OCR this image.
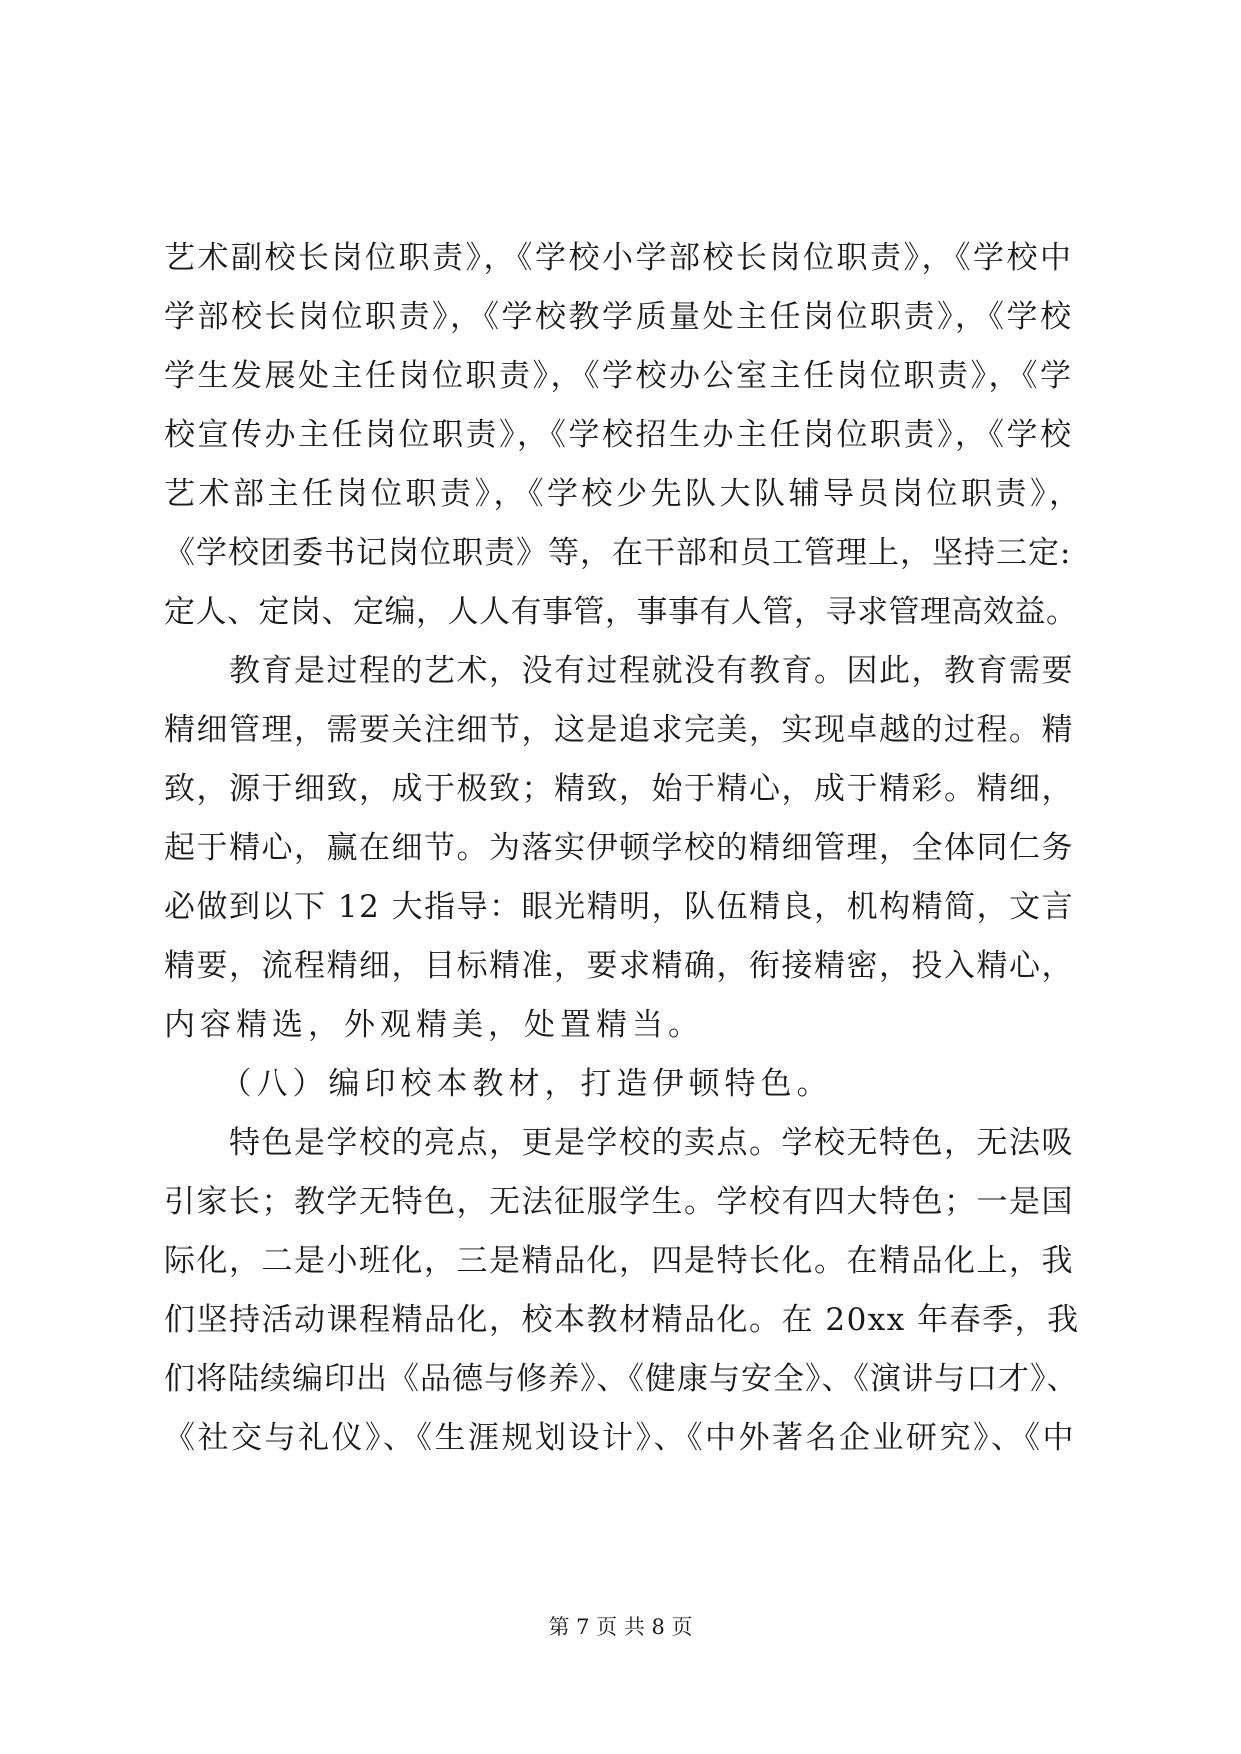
艺术副校长岗位职责》，《学校小学部校长岗位职责》，《学校中
学部校长岗位职责》，《学校教学质量处主任岗位职责》，《学校
学生发展处主任岗位职责》，《学校办公室主任岗位职责》，《学
校宣传办主任岗位职责》，《学校招生办主任岗位职责》，《学校
艺术部主任岗位职责》，《学校少先队大队辅导员岗位职责》，
《学校团委书记岗位职责》等，在干部和员工管理上，坚持三定:
定人、定岗、定编，人人有事管，事事有人管，寻求管理高效益。
　　教育是过程的艺术，没有过程就没有教育。因此，教育需要
精细管理，需要关注细节，这是追求完美，实现卓越的过程。精
致，源于细致，成于极致；精致，始于精心，成于精彩。精细，
起于精心，赢在细节。为落实伊顿学校的精细管理，全体同仁务
必做到以下 12 大指导：眼光精明，队伍精良，机构精简，文言
精要，流程精细，目标精准，要求精确，衔接精密，投入精心，
内容精选，外观精美，处置精当。
　　（八）编印校本教材，打造伊顿特色。
　　特色是学校的亮点，更是学校的卖点。学校无特色，无法吸
引家长；教学无特色，无法征服学生。学校有四大特色；一是国
际化，二是小班化，三是精品化，四是特长化。在精品化上，我
们坚持活动课程精品化，校本教材精品化。在 20xx 年春季，我
们将陆续编印出《品德与修养》、《健康与安全》、《演讲与口才》、
《社交与礼仪》、《生涯规划设计》、《中外著名企业研究》、《中
第 7 页 共 8 页
